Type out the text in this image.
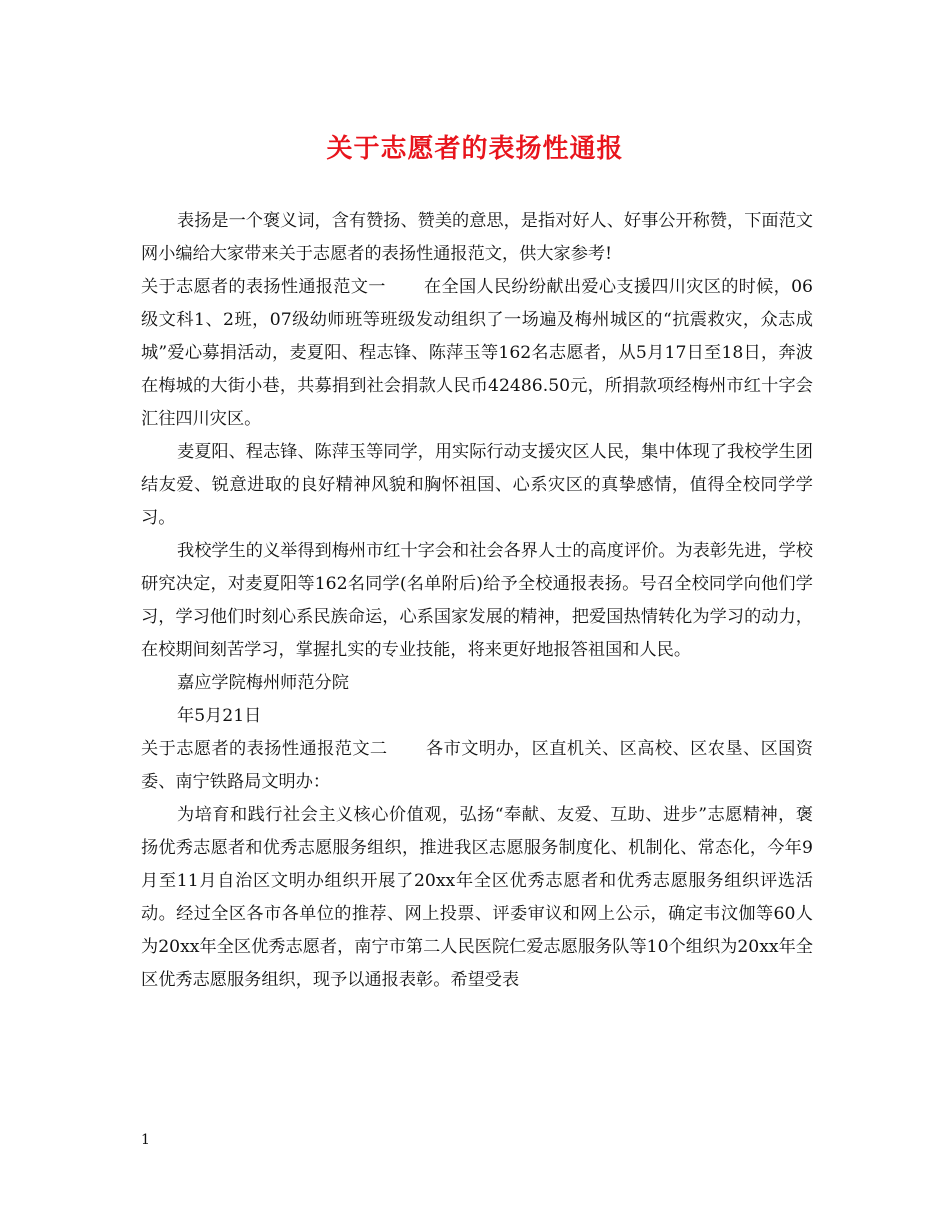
关于志愿者的表扬性通报

表扬是一个褒义词，含有赞扬、赞美的意思，是指对好人、好事公开称赞，下面范文网小编给大家带来关于志愿者的表扬性通报范文，供大家参考!

关于志愿者的表扬性通报范文一 在全国人民纷纷献出爱心支援四川灾区的时候，06级文科1、2班，07级幼师班等班级发动组织了一场遍及梅州城区的“抗震救灾，众志成城”爱心募捐活动，麦夏阳、程志锋、陈萍玉等162名志愿者，从5月17日至18日，奔波在梅城的大街小巷，共募捐到社会捐款人民币42486.50元，所捐款项经梅州市红十字会汇往四川灾区。

麦夏阳、程志锋、陈萍玉等同学，用实际行动支援灾区人民，集中体现了我校学生团结友爱、锐意进取的良好精神风貌和胸怀祖国、心系灾区的真挚感情，值得全校同学学习。

我校学生的义举得到梅州市红十字会和社会各界人士的高度评价。为表彰先进，学校研究决定，对麦夏阳等162名同学(名单附后)给予全校通报表扬。号召全校同学向他们学习，学习他们时刻心系民族命运，心系国家发展的精神，把爱国热情转化为学习的动力，在校期间刻苦学习，掌握扎实的专业技能，将来更好地报答祖国和人民。

嘉应学院梅州师范分院

年5月21日

关于志愿者的表扬性通报范文二 各市文明办，区直机关、区高校、区农垦、区国资委、南宁铁路局文明办：

为培育和践行社会主义核心价值观，弘扬“奉献、友爱、互助、进步”志愿精神，褒扬优秀志愿者和优秀志愿服务组织，推进我区志愿服务制度化、机制化、常态化，今年9月至11月自治区文明办组织开展了20xx年全区优秀志愿者和优秀志愿服务组织评选活动。经过全区各市各单位的推荐、网上投票、评委审议和网上公示，确定韦汶伽等60人为20xx年全区优秀志愿者，南宁市第二人民医院仁爱志愿服务队等10个组织为20xx年全区优秀志愿服务组织，现予以通报表彰。希望受表

1
